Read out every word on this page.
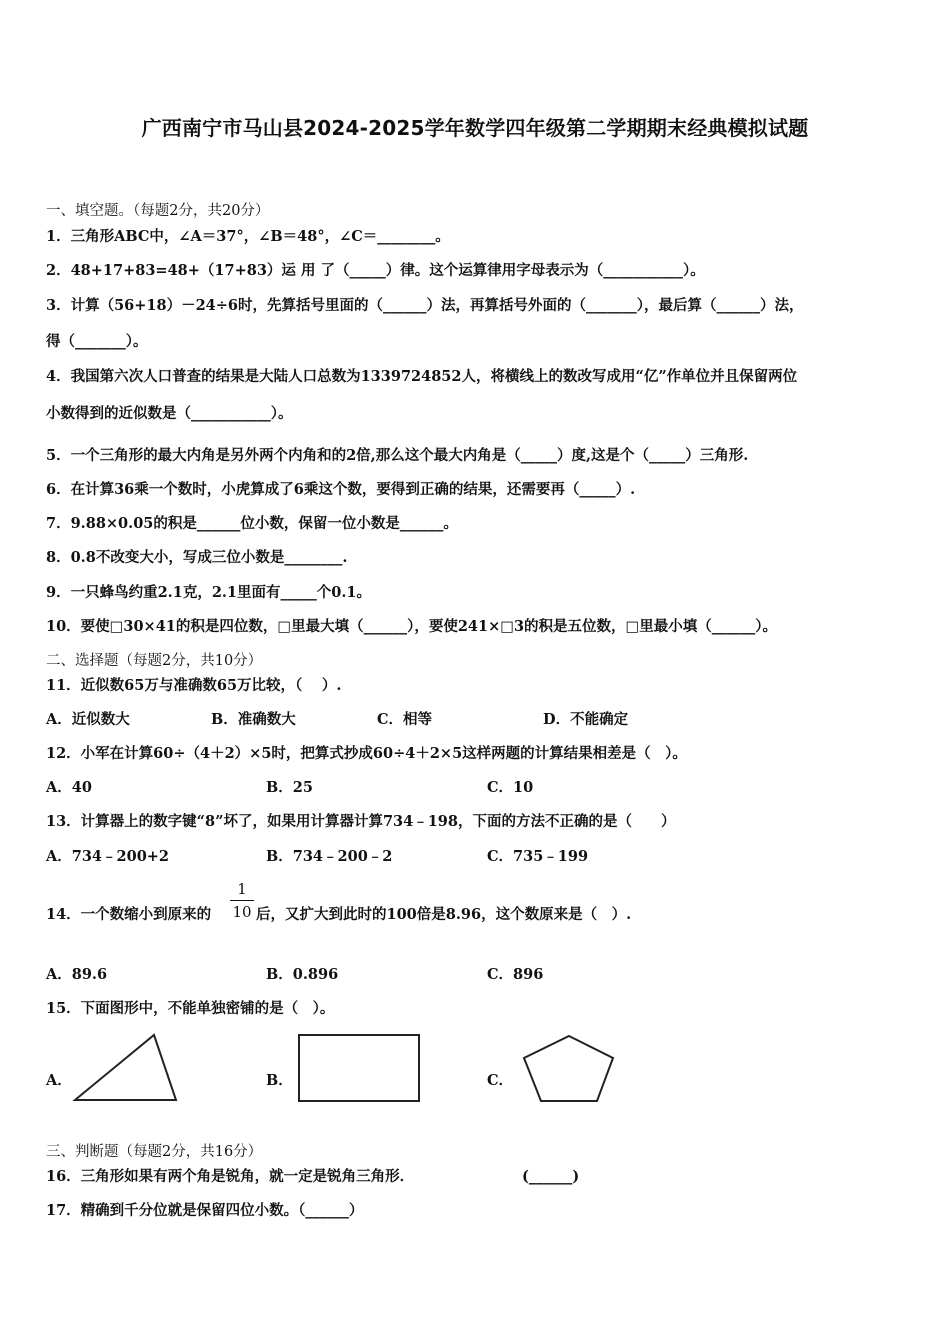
广西南宁市马山县2024-2025学年数学四年级第二学期期末经典模拟试题
一、填空题。（每题2分，共20分）
1．三角形ABC中，∠A＝37°，∠B＝48°，∠C＝________。
2．48+17+83=48+（17+83）运 用 了（_____）律。这个运算律用字母表示为（___________）。
3．计算（56+18）－24÷6时，先算括号里面的（______）法，再算括号外面的（_______），最后算（______）法，
得（_______）。
4．我国第六次人口普查的结果是大陆人口总数为1339724852人，将横线上的数改写成用“亿”作单位并且保留两位
小数得到的近似数是（___________）。
5．一个三角形的最大内角是另外两个内角和的2倍,那么这个最大内角是（_____）度,这是个（_____）三角形.
6．在计算36乘一个数时，小虎算成了6乘这个数，要得到正确的结果，还需要再（_____）.
7．9.88×0.05的积是______位小数，保留一位小数是______。
8．0.8不改变大小，写成三位小数是________.
9．一只蜂鸟约重2.1克，2.1里面有_____个0.1。
10．要使□30×41的积是四位数，□里最大填（______），要使241×□3的积是五位数，□里最小填（______）。
二、选择题（每题2分，共10分）
11．近似数65万与准确数65万比较，（　 ）.
A．近似数大	B．准确数大	C．相等	D．不能确定
12．小军在计算60÷（4＋2）×5时，把算式抄成60÷4＋2×5这样两题的计算结果相差是（　）。
A．40	B．25	C．10
13．计算器上的数字键“8”坏了，如果用计算器计算734﹣198，下面的方法不正确的是（　　）
A．734﹣200+2	B．734﹣200﹣2	C．735﹣199
14．一个数缩小到原来的
1
10 后，又扩大到此时的100倍是8.96，这个数原来是（　）.
A．89.6	B．0.896	C．896
15．下面图形中，不能单独密铺的是（　）。
A．	B．	C．
三、判断题（每题2分，共16分）
16．三角形如果有两个角是锐角，就一定是锐角三角形．	(______)
17．精确到千分位就是保留四位小数。（______）
